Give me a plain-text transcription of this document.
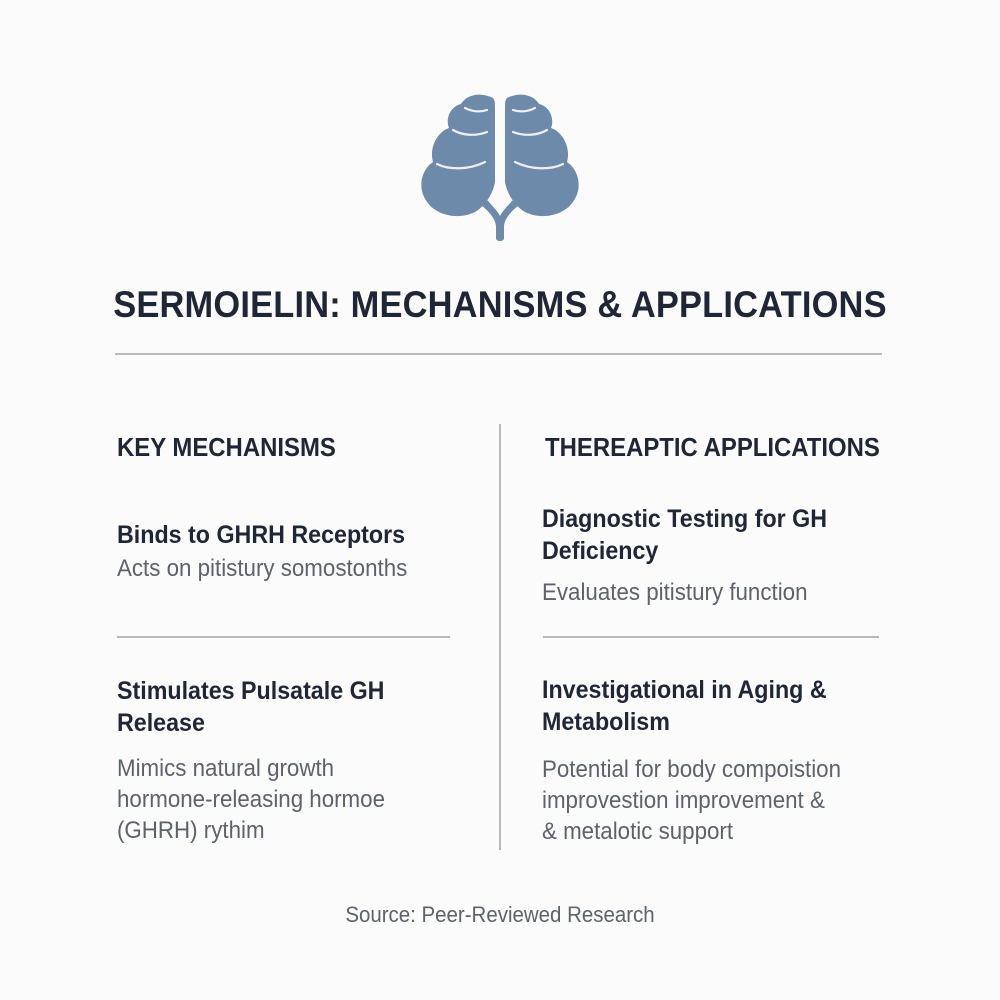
SERMOIELIN: MECHANISMS & APPLICATIONS
KEY MECHANISMS
Binds to GHRH Receptors
Acts on pitistury somostonths
Stimulates Pulsatale GH
Release
Mimics natural growth
hormone-releasing hormoe
(GHRH) rythim
THEREAPTIC APPLICATIONS
Diagnostic Testing for GH
Deficiency
Evaluates pitistury function
Investigational in Aging &
Metabolism
Potential for body compoistion
improvestion improvement &
& metalotic support
Source: Peer-Reviewed Research
